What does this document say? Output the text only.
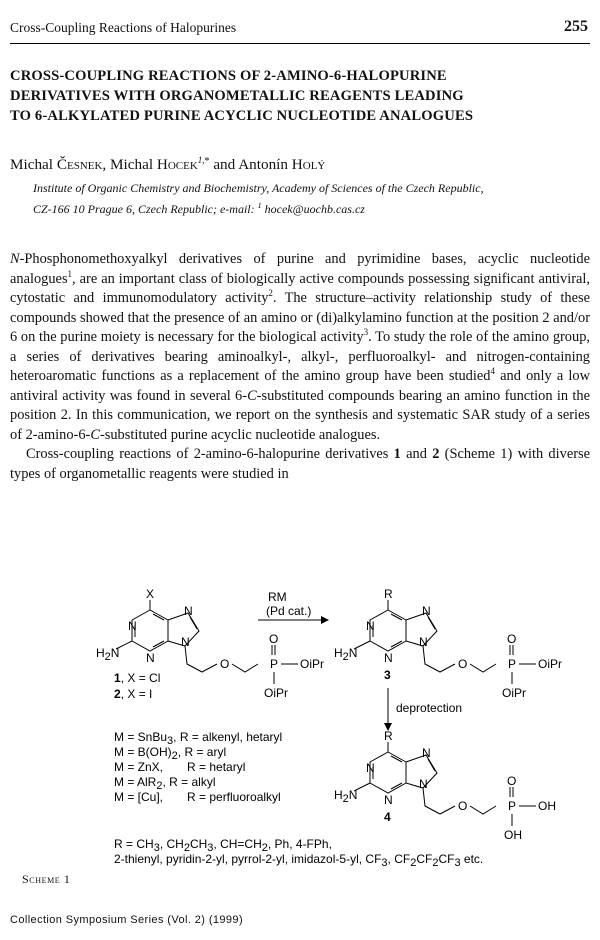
Cross-Coupling Reactions of Halopurines	255
CROSS-COUPLING REACTIONS OF 2-AMINO-6-HALOPURINE
DERIVATIVES WITH ORGANOMETALLIC REAGENTS LEADING
TO 6-ALKYLATED PURINE ACYCLIC NUCLEOTIDE ANALOGUES
Michal Česnek, Michal Hocek$^{1,*}$ and Antonín Holý
Institute of Organic Chemistry and Biochemistry, Academy of Sciences of the Czech Republic,
CZ-166 10 Prague 6, Czech Republic; e-mail: $^1$ hocek@uochb.cas.cz

N-Phosphonomethoxyalkyl derivatives of purine and pyrimidine bases, acyclic nucleotide analogues$^1$, are an important class of biologically active compounds possessing significant antiviral, cytostatic and immunomodulatory activity$^2$. The structure–activity relationship study of these compounds showed that the presence of an amino or (di)alkylamino function at the position 2 and/or 6 on the purine moiety is necessary for the biological activity$^3$. To study the role of the amino group, a series of derivatives bearing aminoalkyl-, alkyl-, perfluoroalkyl- and nitrogen-containing heteroaromatic functions as a replacement of the amino group have been studied$^4$ and only a low antiviral activity was found in several 6-C-substituted compounds bearing an amino function in the position 2. In this communication, we report on the synthesis and systematic SAR study of a series of 2-amino-6-C-substituted purine acyclic nucleotide analogues.

Cross-coupling reactions of 2-amino-6-halopurine derivatives 1 and 2 (Scheme 1) with diverse types of organometallic reagents were studied in

X
N
N
N
N
H2N
O
O
P OiPr
OiPr
1, X = Cl
2, X = I
RM
(Pd cat.)
deprotection
R
N
N
N
N
H2N
O
O
P OiPr
OiPr
3
R
N
N
N
N
H2N
O
O
P OH
OH
4
M = SnBu3, R = alkenyl, hetaryl
M = B(OH)2, R = aryl
M = ZnX, R = hetaryl
M = AlR2, R = alkyl
M = [Cu], R = perfluoroalkyl
R = CH3, CH2CH3, CH=CH2, Ph, 4-FPh,
2-thienyl, pyridin-2-yl, pyrrol-2-yl, imidazol-5-yl, CF3, CF2CF2CF3 etc.
Scheme 1
Collection Symposium Series (Vol. 2) (1999)
